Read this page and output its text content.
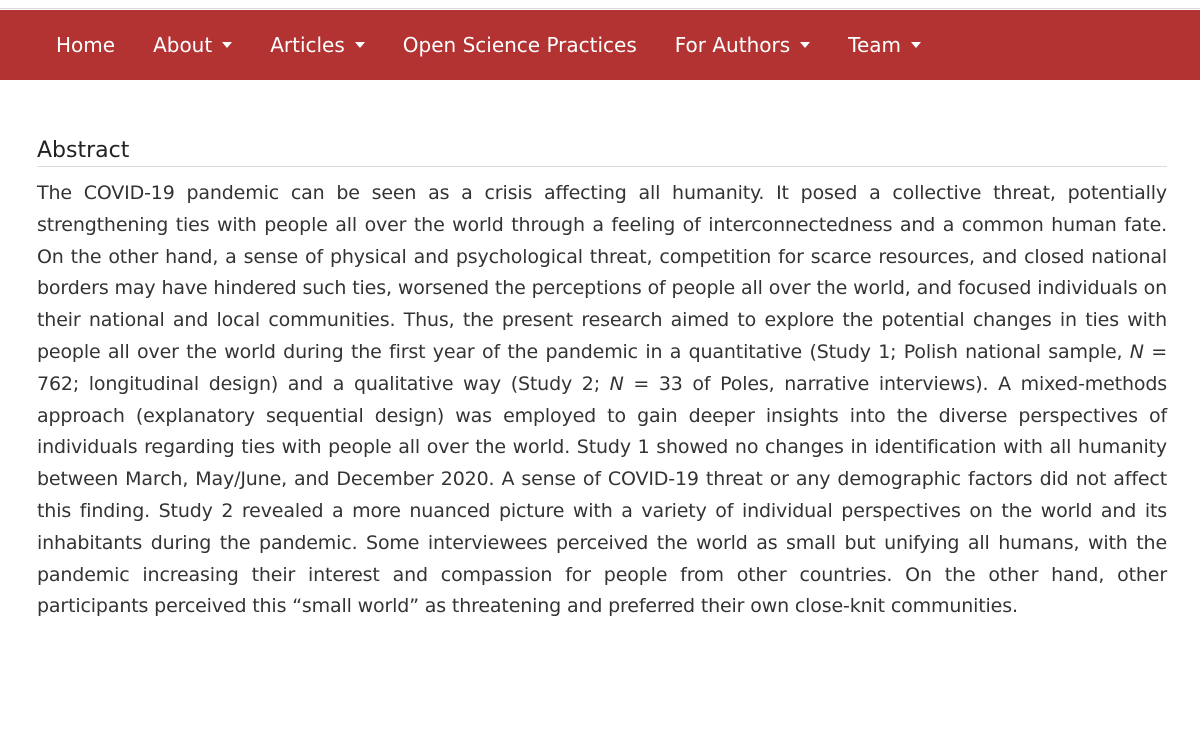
Home About	Articles	Open Science Practices For Authors	Team
Abstract

The COVID-19 pandemic can be seen as a crisis affecting all humanity. It posed a collective threat, potentially strengthening ties with people all over the world through a feeling of interconnectedness and a common human fate. On the other hand, a sense of physical and psychological threat, competition for scarce resources, and closed national borders may have hindered such ties, worsened the perceptions of people all over the world, and focused individuals on their national and local communities. Thus, the present research aimed to explore the potential changes in ties with people all over the world during the first year of the pandemic in a quantitative (Study 1; Polish national sample, N = 762; longitudinal design) and a qualitative way (Study 2; N = 33 of Poles, narrative interviews). A mixed-methods approach (explanatory sequential design) was employed to gain deeper insights into the diverse perspectives of individuals regarding ties with people all over the world. Study 1 showed no changes in identification with all humanity between March, May/June, and December 2020. A sense of COVID-19 threat or any demographic factors did not affect this finding. Study 2 revealed a more nuanced picture with a variety of individual perspectives on the world and its inhabitants during the pandemic. Some interviewees perceived the world as small but unifying all humans, with the pandemic increasing their interest and compassion for people from other countries. On the other hand, other participants perceived this “small world” as threatening and preferred their own close-knit communities.
